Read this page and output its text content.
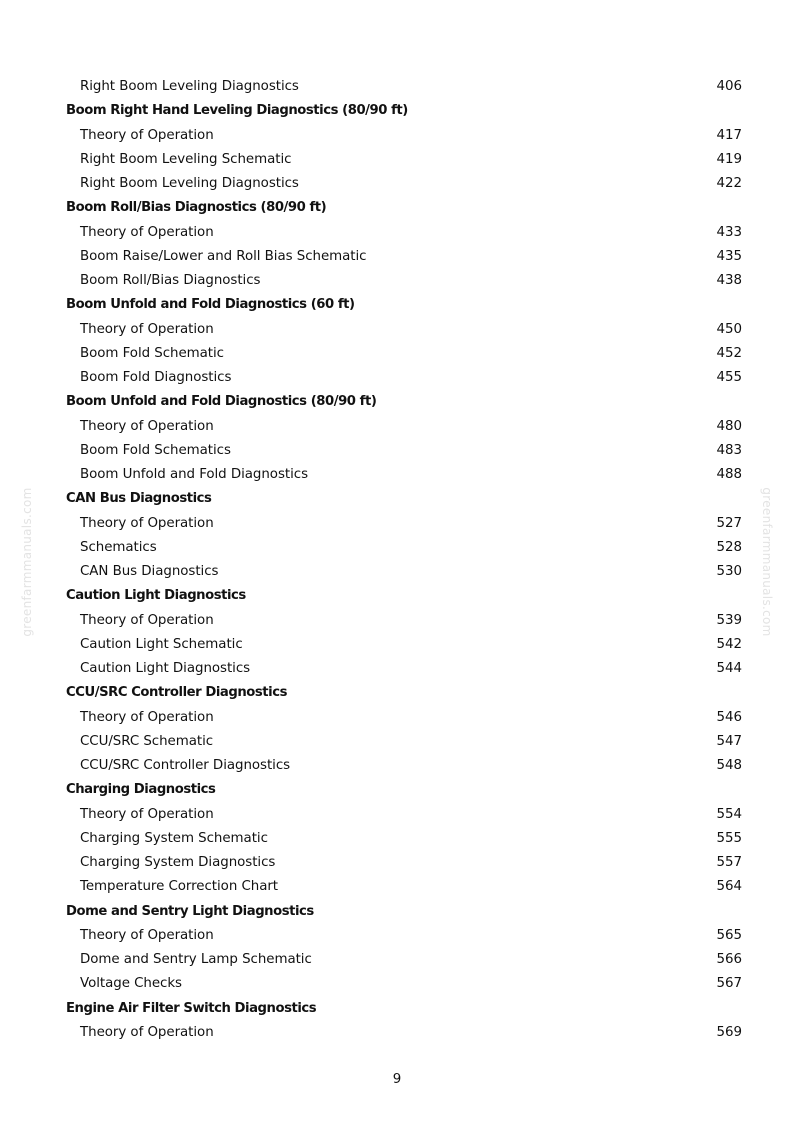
greenfarmmanuals.com	greenfarmmanuals.com
Right Boom Leveling Diagnostics	406
Boom Right Hand Leveling Diagnostics (80/90 ft)
Theory of Operation	417
Right Boom Leveling Schematic	419
Right Boom Leveling Diagnostics	422
Boom Roll/Bias Diagnostics (80/90 ft)
Theory of Operation	433
Boom Raise/Lower and Roll Bias Schematic	435
Boom Roll/Bias Diagnostics	438
Boom Unfold and Fold Diagnostics (60 ft)
Theory of Operation	450
Boom Fold Schematic	452
Boom Fold Diagnostics	455
Boom Unfold and Fold Diagnostics (80/90 ft)
Theory of Operation	480
Boom Fold Schematics	483
Boom Unfold and Fold Diagnostics	488
CAN Bus Diagnostics
Theory of Operation	527
Schematics	528
CAN Bus Diagnostics	530
Caution Light Diagnostics
Theory of Operation	539
Caution Light Schematic	542
Caution Light Diagnostics	544
CCU/SRC Controller Diagnostics
Theory of Operation	546
CCU/SRC Schematic	547
CCU/SRC Controller Diagnostics	548
Charging Diagnostics
Theory of Operation	554
Charging System Schematic	555
Charging System Diagnostics	557
Temperature Correction Chart	564
Dome and Sentry Light Diagnostics
Theory of Operation	565
Dome and Sentry Lamp Schematic	566
Voltage Checks	567
Engine Air Filter Switch Diagnostics
Theory of Operation	569
9
